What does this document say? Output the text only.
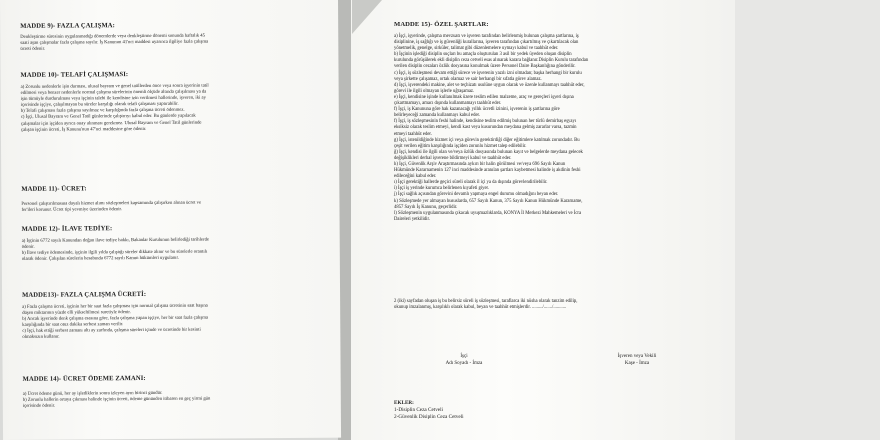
MADDE 9)- FAZLA ÇALIŞMA:

Denkleştirme süresinin uygulanmadığı dönemlerde veya denkleştirme dönemi sonunda haftalık 45

saati aşan çalışmalar fazla çalışma sayılır. İş Kanunun 41'nci maddesi uyarınca ilgiliye fazla çalışma

ücreti ödenir.

MADDE 10)- TELAFİ ÇALIŞMASI:

a) Zorunlu nedenlerle işin durması, ulusal bayram ve genel tatillerden önce veya sonra işyerinin tatil

edilmesi veya benzer nedenlerle normal çalışma sürelerinin önemli ölçüde altında çalışılması ya da

işin tümüyle durdurulması veya işçinin talebi ile kendisine izin verilmesi hallerinde, işveren, iki ay

içerisinde işçiye, çalışılmayan bu süreler karşılığı olarak telafi çalışması yaptırabilir.

b) Telafi çalışması fazla çalışma sayılmaz ve karşılığında fazla çalışma ücreti ödenmez.

c) İşçi, Ulusal Bayram ve Genel Tatil günlerinde çalıştırıyı kabul eder. Bu günlerde yapılacak

çalışmalar için işçiden ayrıca onay alınması gerekmez. Ulusal Bayram ve Genel Tatil günlerinde

çalışan işçinin ücreti, İş Kanunu'nun 47'nci maddesine göre ödenir.

MADDE 11)- ÜCRET:

Personel çalıştırılmasına dayalı hizmet alımı sözleşmeleri kapsamında çalışırken alınan ücret ve

fer'ileri korunur. Ücret tipi yevmiye üzerinden ödenir.

MADDE 12)- İLAVE TEDİYE:

a) İşçinin 6772 sayılı Kanundan doğan ilave tediye hakkı, Bakanlar Kurulunun belirlediği tarihlerde

ödenir.

b) İlave tediye ödemesinde, işçinin ilgili yılda çalıştığı süreler dikkate alınır ve bu sürelerle orantılı

olarak ödenir. Çalışılan sürelerin hesabında 6772 sayılı Kanun hükümleri uygulanır.

MADDE13)- FAZLA ÇALIŞMA ÜCRETİ:

a) Fazla çalışma ücreti, işçinin her bir saat fazla çalışması için normal çalışma ücretinin saat başına

düşen miktarının yüzde elli yükseltilmesi suretiyle ödenir.

b) Ancak işyerinde denk çalışma esasına göre, fazla çalışma yapan işçiye, her bir saat fazla çalışma

karşılığında bir saat otuz dakika serbest zaman verilir.

c) İşçi, hak ettiği serbest zamanı altı ay zarfında, çalışma süreleri içinde ve ücretinde bir kesinti

olmaksızın kullanır.

MADDE 14)- ÜCRET ÖDEME ZAMANI:

a) Ücret ödeme günü, her ay işlediklerin sonra izleyen ayın birinci gündür.

b) Zorunlu hallerin ortaya çıkması halinde işçinin ücreti, ödeme gününden itibaren en geç yirmi gün

içerisinde ödenir.

MADDE 15)- ÖZEL ŞARTLAR:

a) İşçi, işyerinde, çalışma mevzuatı ve işveren tarafından belirlenmiş bulunan çalışma şartlarına, iş

disiplinine, iş sağlığı ve iş güvenliği kurallarına, işveren tarafından çıkartılmış ve çıkartılacak olan

yönetmelik, genelge, sirküler, talimat gibi düzenlemelere uymayı kabul ve taahhüt eder.

b) İşçinin işlediği disiplin suçları bu amaçla oluşturulan 3 asil bir yedek üyeden oluşan disiplin

kurulunda görüşülerek ekli disiplin ceza cetveli esas alınarak karara bağlanır.Disiplin Kurulu tarafından

verilen disiplin cezaları özlük dosyasına konulmak üzere Personel Daire Başkanlığına gönderilir.

c) İşçi, iş sözleşmesi devam ettiği sürece ve işverenin yazılı izni olmadan; başka herhangi bir kurulu

veya şirkette çalışamaz, ortak olamaz ve sair herhangi bir sıfatla görev alamaz.

d) İşçi, işverendeki makine, alet ve teçhizatı usulüne uygun olarak ve özenle kullanmayı taahhüt eder,

görevi ile ilgili olmayan işlerle uğraşamaz.

e) İşçi, kendisine işinde kullanılmak üzere teslim edilen malzeme, araç ve gereçleri işyeri dışına

çıkartmamayı, amacı dışında kullanmamayı taahhüt eder.

f) İşçi, iş Kanununa göre hak kazanacağı yıllık ücretli izinini, işverenin iş şartlarına göre

belirleyeceği zamanda kullanmayı kabul eder.

f) İşçi, iş sözleşmesinin feshi halinde, kendisine teslim edilmiş bulunan her türlü demirbaş eşyayı

eksiksiz olarak teslim etmeyi, kendi kast veya kusurundan meydana gelmiş zararlar varsa, tazmin

etmeyi taahhüt eder.

g) İşçi, istenildiğinde hizmet içi veya görevin gerektirdiği diğer eğitimlere katılmak zorundadır. Bu

çeşit verilen eğitim karşılığında işçiden zorunlu hizmet talep edilebilir.

ğ) İşçi, kendisi ile ilgili olan ve/veya özlük dosyasında bulunan kayıt ve belgelerde meydana gelecek

değişiklikleri derhal işverene bildirmeyi kabul ve taahhüt eder.

h) İşçi, Güvenlik Arşiv Araştırmasında aykırı bir halin görülmesi ve/veya 696 Sayılı Kanun

Hükmünde Kararnamenin 127 inci maddesinde aranılan şartları kaybetmesi halinde iş akdinin feshi

edileceğini kabul eder.

ı) İşçi gerektiği hallerde geçici süreli olarak il içi ya da dışında görevlendirilebilir.

i) İşçi iş yerinde kurumca belirlenen kıyafeti giyer.

j) İşçi sağlık açısından görevini devamlı yapmaya engel durumu olmadığını beyan eder.

k) Sözleşmede yer almayan hususlarda, 657 Sayılı Kanun, 375 Sayılı Kanun Hükmünde Kararname,

4857 Sayılı İş Kanunu, geçerlidir.

l) Sözleşmenin uygulanmasında çıkacak uyuşmazlıklarda, KONYA İl Merkezi Mahkemeleri ve İcra

Daireleri yetkilidir.

2 (iki) sayfadan oluşan iş bu belirsiz süreli iş sözleşmesi, taraflarca iki nüsha olarak tanzim edilip,

okunup imzalanmış, karşılıklı olarak kabul, beyan ve taahhüt etmişlerdir. ........./......./...........

İşçi
Adı Soyadı - İmza
İşveren veya Vekili
Kaşe - İmza
EKLER:
1-Disiplin Ceza Cetveli
2-Güvenlik Disiplin Ceza Cetveli
